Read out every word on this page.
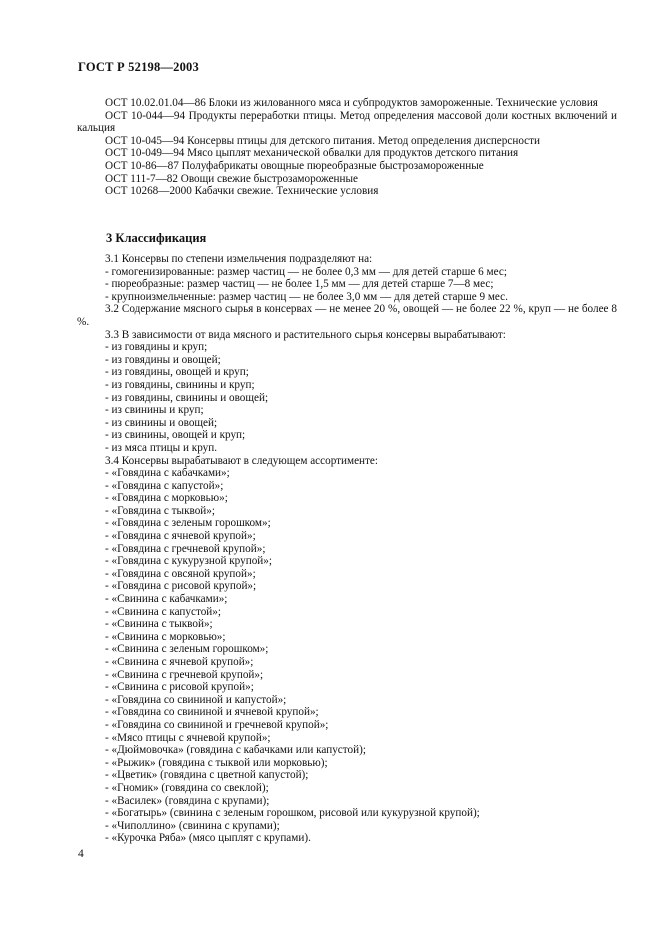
ГОСТ Р 52198—2003

ОСТ 10.02.01.04—86 Блоки из жилованного мяса и субпродуктов замороженные. Технические условия

ОСТ 10-044—94 Продукты переработки птицы. Метод определения массовой доли костных включений и кальция

ОСТ 10-045—94 Консервы птицы для детского питания. Метод определения дисперсности

ОСТ 10-049—94 Мясо цыплят механической обвалки для продуктов детского питания

ОСТ 10-86—87 Полуфабрикаты овощные пюреобразные быстрозамороженные

ОСТ 111-7—82 Овощи свежие быстрозамороженные

ОСТ 10268—2000 Кабачки свежие. Технические условия

3 Классификация

3.1 Консервы по степени измельчения подразделяют на:

- гомогенизированные: размер частиц — не более 0,3 мм — для детей старше 6 мес;

- пюреобразные: размер частиц — не более 1,5 мм — для детей старше 7—8 мес;

- крупноизмельченные: размер частиц — не более 3,0 мм — для детей старше 9 мес.

3.2 Содержание мясного сырья в консервах — не менее 20 %, овощей — не более 22 %, круп — не более 8 %.

3.3 В зависимости от вида мясного и растительного сырья консервы вырабатывают:

- из говядины и круп;

- из говядины и овощей;

- из говядины, овощей и круп;

- из говядины, свинины и круп;

- из говядины, свинины и овощей;

- из свинины и круп;

- из свинины и овощей;

- из свинины, овощей и круп;

- из мяса птицы и круп.

3.4 Консервы вырабатывают в следующем ассортименте:

- «Говядина с кабачками»;

- «Говядина с капустой»;

- «Говядина с морковью»;

- «Говядина с тыквой»;

- «Говядина с зеленым горошком»;

- «Говядина с ячневой крупой»;

- «Говядина с гречневой крупой»;

- «Говядина с кукурузной крупой»;

- «Говядина с овсяной крупой»;

- «Говядина с рисовой крупой»;

- «Свинина с кабачками»;

- «Свинина с капустой»;

- «Свинина с тыквой»;

- «Свинина с морковью»;

- «Свинина с зеленым горошком»;

- «Свинина с ячневой крупой»;

- «Свинина с гречневой крупой»;

- «Свинина с рисовой крупой»;

- «Говядина со свининой и капустой»;

- «Говядина со свининой и ячневой крупой»;

- «Говядина со свининой и гречневой крупой»;

- «Мясо птицы с ячневой крупой»;

- «Дюймовочка» (говядина с кабачками или капустой);

- «Рыжик» (говядина с тыквой или морковью);

- «Цветик» (говядина с цветной капустой);

- «Гномик» (говядина со свеклой);

- «Василек» (говядина с крупами);

- «Богатырь» (свинина с зеленым горошком, рисовой или кукурузной крупой);

- «Чиполлино» (свинина с крупами);

- «Курочка Ряба» (мясо цыплят с крупами).

4
